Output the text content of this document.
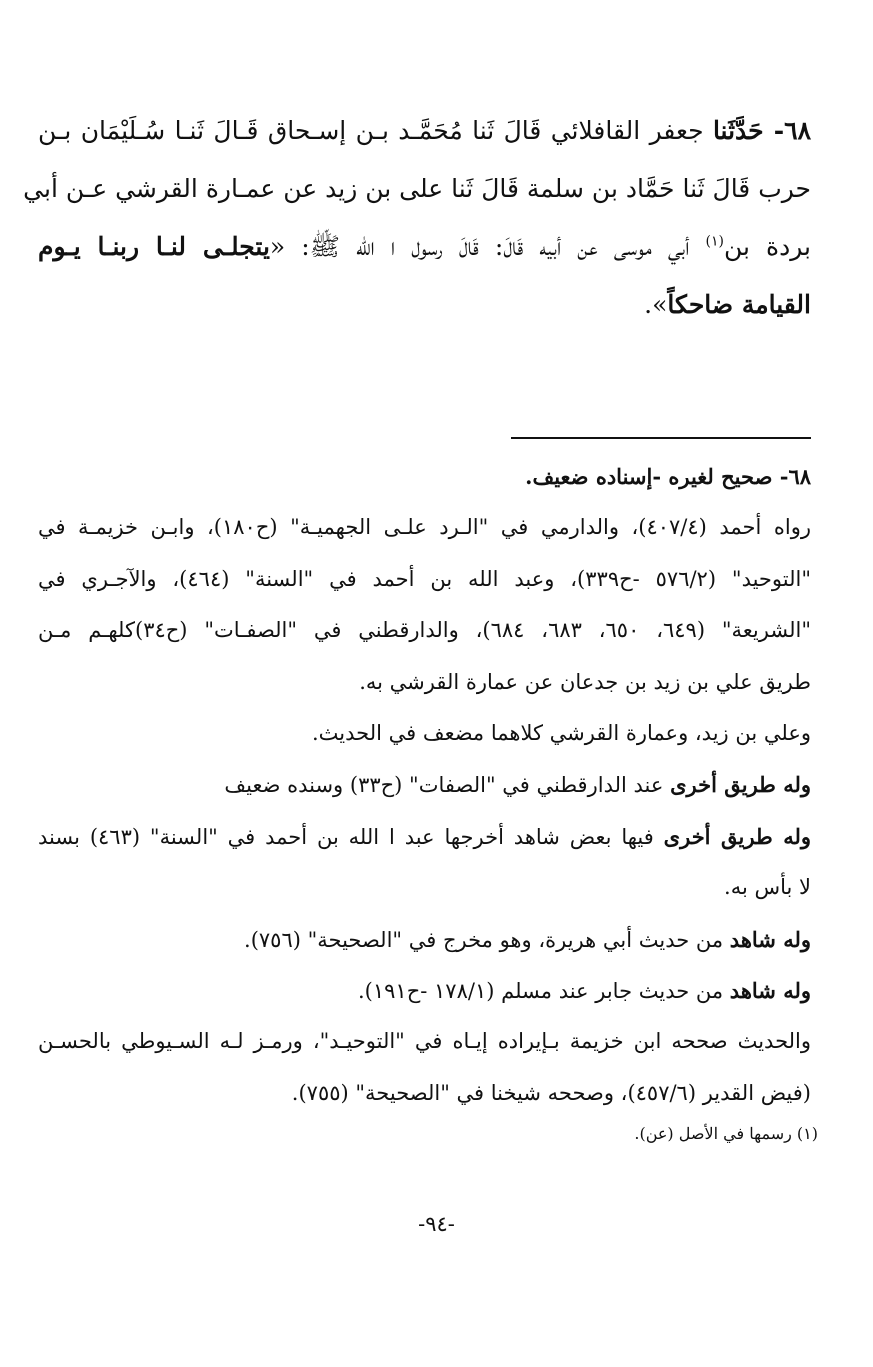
٦٨- حَدَّثَنا جعفر القافلائي قَالَ ثَنا مُحَمَّـد بـن إسـحاق قَـالَ ثَنـا سُـلَيْمَان بـن
حرب قَالَ ثَنا حَمَّاد بن سلمة قَالَ ثَنا على بن زيد عن عمـارة القرشي عـن أبي
بردة بن$^{(١)}$ أبي موسى عن أبيه قَالَ: قَالَ رسول ا الله ﷺ: «يتجلـى لنـا ربنـا يـوم
القيامة ضاحكاً».
٦٨- صحيح لغيره -إسناده ضعيف.
رواه أحمد (٤٠٧/٤)، والدارمي في "الـرد علـى الجهميـة" (ح١٨٠)، وابـن خزيمـة في
"التوحيد" (٥٧٦/٢ -ح٣٣٩)، وعبد الله بن أحمد في "السنة" (٤٦٤)، والآجـري في
"الشريعة" (٦٤٩، ٦٥٠، ٦٨٣، ٦٨٤)، والدارقطني في "الصفـات" (ح٣٤)كلهـم مـن
طريق علي بن زيد بن جدعان عن عمارة القرشي به.
وعلي بن زيد، وعمارة القرشي كلاهما مضعف في الحديث.
وله طريق أخرى عند الدارقطني في "الصفات" (ح٣٣) وسنده ضعيف
وله طريق أخرى فيها بعض شاهد أخرجها عبد ا الله بن أحمد في "السنة" (٤٦٣) بسند
لا بأس به.
وله شاهد من حديث أبي هريرة، وهو مخرج في "الصحيحة" (٧٥٦).
وله شاهد من حديث جابر عند مسلم (١٧٨/١ -ح١٩١).
والحديث صححه ابن خزيمة بـإيراده إيـاه في "التوحيـد"، ورمـز لـه السـيوطي بالحسـن
(فيض القدير (٤٥٧/٦)، وصححه شيخنا في "الصحيحة" (٧٥٥).
(١) رسمها في الأصل (عن).
-٩٤-
